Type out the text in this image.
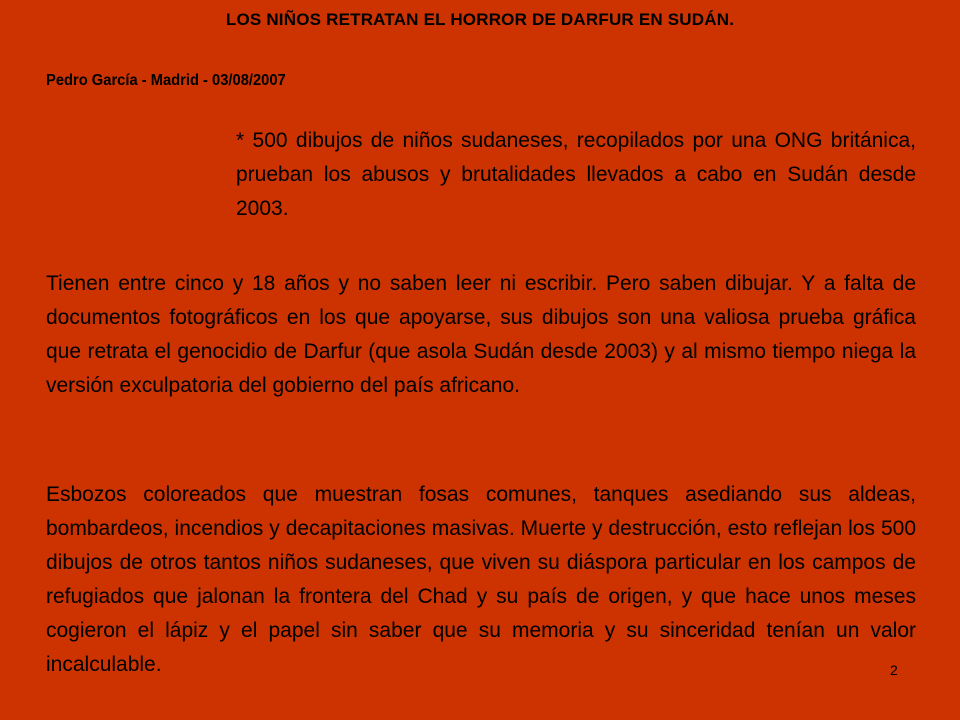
LOS NIÑOS RETRATAN EL HORROR DE DARFUR EN SUDÁN.

Pedro García - Madrid - 03/08/2007

* 500 dibujos de niños sudaneses, recopilados por una ONG británica, prueban los abusos y brutalidades llevados a cabo en Sudán desde 2003.

Tienen entre cinco y 18 años y no saben leer ni escribir. Pero saben dibujar. Y a falta de documentos fotográficos en los que apoyarse, sus dibujos son una valiosa prueba gráfica que retrata el genocidio de Darfur (que asola Sudán desde 2003) y al mismo tiempo niega la versión exculpatoria del gobierno del país africano.

Esbozos coloreados que muestran fosas comunes, tanques asediando sus aldeas, bombardeos, incendios y decapitaciones masivas. Muerte y destrucción, esto reflejan los 500 dibujos de otros tantos niños sudaneses, que viven su diáspora particular en los campos de refugiados que jalonan la frontera del Chad y su país de origen, y que hace unos meses cogieron el lápiz y el papel sin saber que su memoria y su sinceridad tenían un valor incalculable.	2
